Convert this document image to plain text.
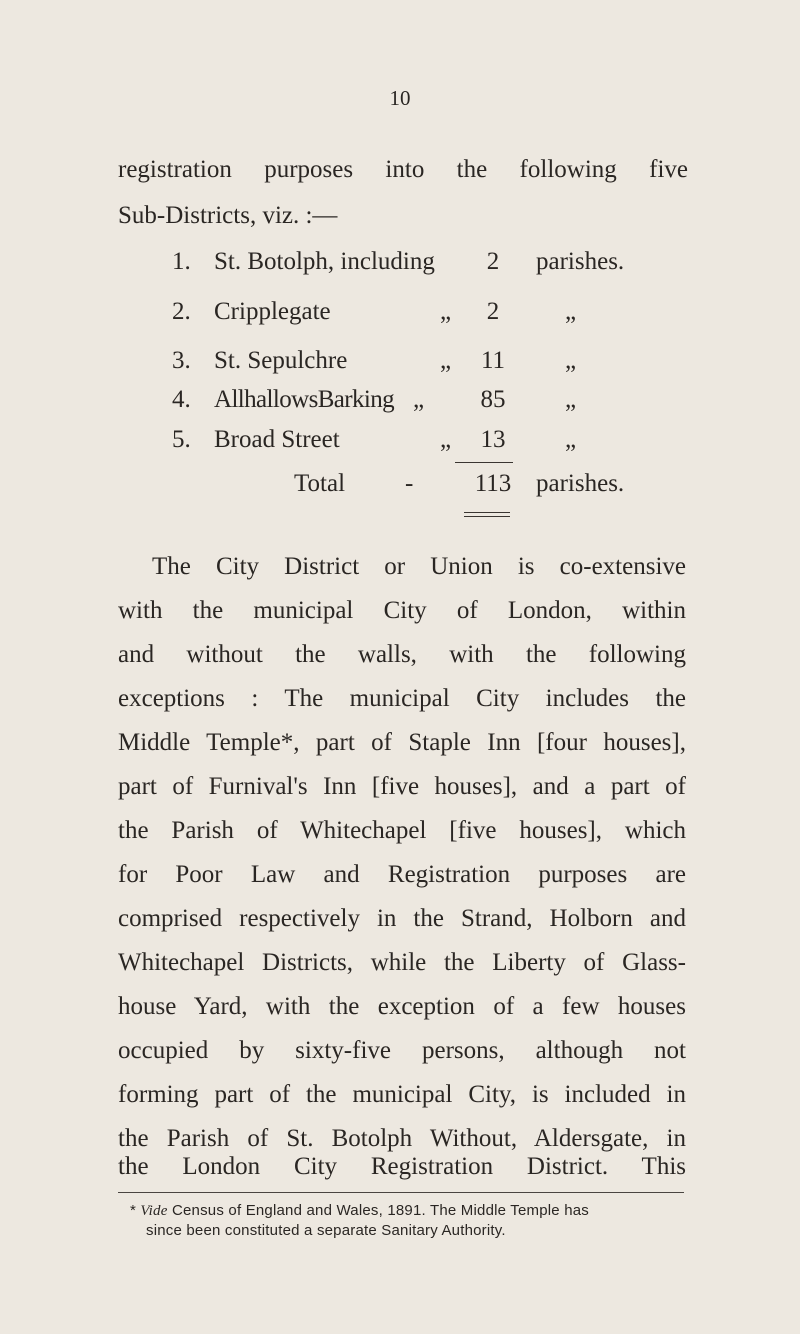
10
registration purposes into the following five
Sub-Districts, viz. :—
1. St. Botolph, including	2	parishes.
2. Cripplegate	„	2	„
3. St. Sepulchre	„	11	„
4. AllhallowsBarking „	85	„
5. Broad Street	„	13	„
Total -	113 parishes.
The City District or Union is co-extensive
with the municipal City of London, within
and without the walls, with the following
exceptions : The municipal City includes the
Middle Temple*, part of Staple Inn [four houses],
part of Furnival's Inn [five houses], and a part of
the Parish of Whitechapel [five houses], which
for Poor Law and Registration purposes are
comprised respectively in the Strand, Holborn and
Whitechapel Districts, while the Liberty of Glass-
house Yard, with the exception of a few houses
occupied by sixty-five persons, although not
forming part of the municipal City, is included in
the Parish of St. Botolph Without, Aldersgate, in
the London City Registration District. This
* Vide Census of England and Wales, 1891. The Middle Temple has
since been constituted a separate Sanitary Authority.
